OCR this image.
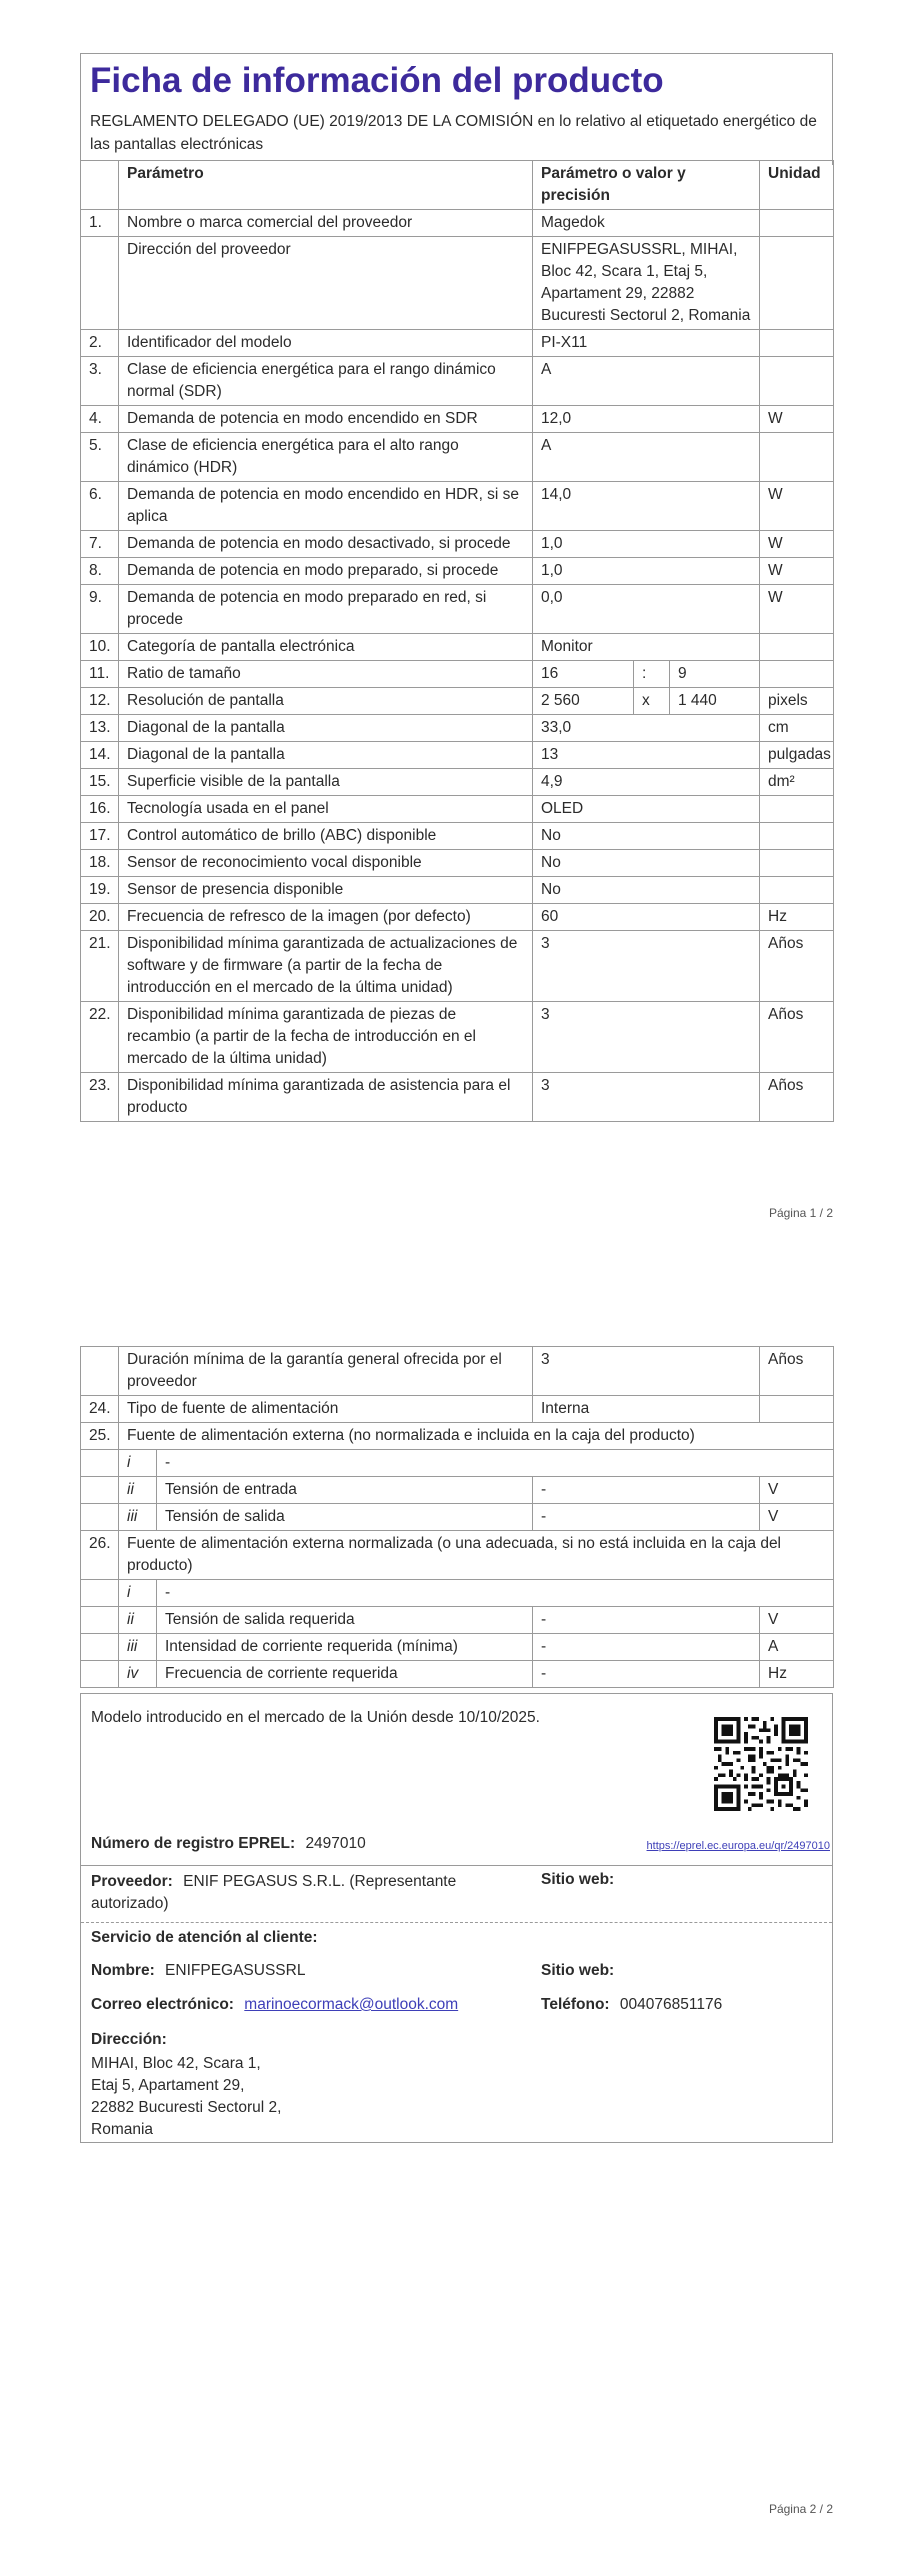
Ficha de información del producto
REGLAMENTO DELEGADO (UE) 2019/2013 DE LA COMISIÓN en lo relativo al etiquetado energético de las pantallas electrónicas
	Parámetro	Parámetro o valor y precisión			Unidad
1.	Nombre o marca comercial del proveedor	Magedok			
	Dirección del proveedor	ENIFPEGASUSSRL, MIHAI, Bloc 42, Scara 1, Etaj 5, Apartament 29, 22882 Bucuresti Sectorul 2, Romania			
2.	Identificador del modelo	PI-X11			
3.	Clase de eficiencia energética para el rango dinámico normal (SDR)	A			
4.	Demanda de potencia en modo encendido en SDR	12,0			W
5.	Clase de eficiencia energética para el alto rango dinámico (HDR)	A			
6.	Demanda de potencia en modo encendido en HDR, si se aplica	14,0			W
7.	Demanda de potencia en modo desactivado, si procede	1,0			W
8.	Demanda de potencia en modo preparado, si procede	1,0			W
9.	Demanda de potencia en modo preparado en red, si procede	0,0			W
10.	Categoría de pantalla electrónica	Monitor			
11.	Ratio de tamaño	16	:	9	
12.	Resolución de pantalla	2 560	x	1 440	pixels
13.	Diagonal de la pantalla	33,0			cm
14.	Diagonal de la pantalla	13			pulgadas
15.	Superficie visible de la pantalla	4,9			dm²
16.	Tecnología usada en el panel	OLED			
17.	Control automático de brillo (ABC) disponible	No			
18.	Sensor de reconocimiento vocal disponible	No			
19.	Sensor de presencia disponible	No			
20.	Frecuencia de refresco de la imagen (por defecto)	60			Hz
21.	Disponibilidad mínima garantizada de actualizaciones de software y de firmware (a partir de la fecha de introducción en el mercado de la última unidad)	3			Años
22.	Disponibilidad mínima garantizada de piezas de recambio (a partir de la fecha de introducción en el mercado de la última unidad)	3			Años
23.	Disponibilidad mínima garantizada de asistencia para el producto	3			Años
Página 1 / 2
	Duración mínima de la garantía general ofrecida por el proveedor		3	Años
24.	Tipo de fuente de alimentación		Interna	
25.	Fuente de alimentación externa (no normalizada e incluida en la caja del producto)			
	i	-		
	ii	Tensión de entrada	-	V
	iii	Tensión de salida	-	V
26.	Fuente de alimentación externa normalizada (o una adecuada, si no está incluida en la caja del producto)			
	i	-		
	ii	Tensión de salida requerida	-	V
	iii	Intensidad de corriente requerida (mínima)	-	A
	iv	Frecuencia de corriente requerida	-	Hz
Modelo introducido en el mercado de la Unión desde 10/10/2025.
Número de registro EPREL: 2497010	https://eprel.ec.europa.eu/qr/2497010
Proveedor: ENIF PEGASUS S.R.L. (Representante autorizado)
Sitio web:
Servicio de atención al cliente:
Nombre: ENIFPEGASUSSRL	Sitio web:
Correo electrónico: marinoecormack@outlook.com	Teléfono: 004076851176
Dirección:
MIHAI, Bloc 42, Scara 1,
Etaj 5, Apartament 29,
22882 Bucuresti Sectorul 2,
Romania
Página 2 / 2
